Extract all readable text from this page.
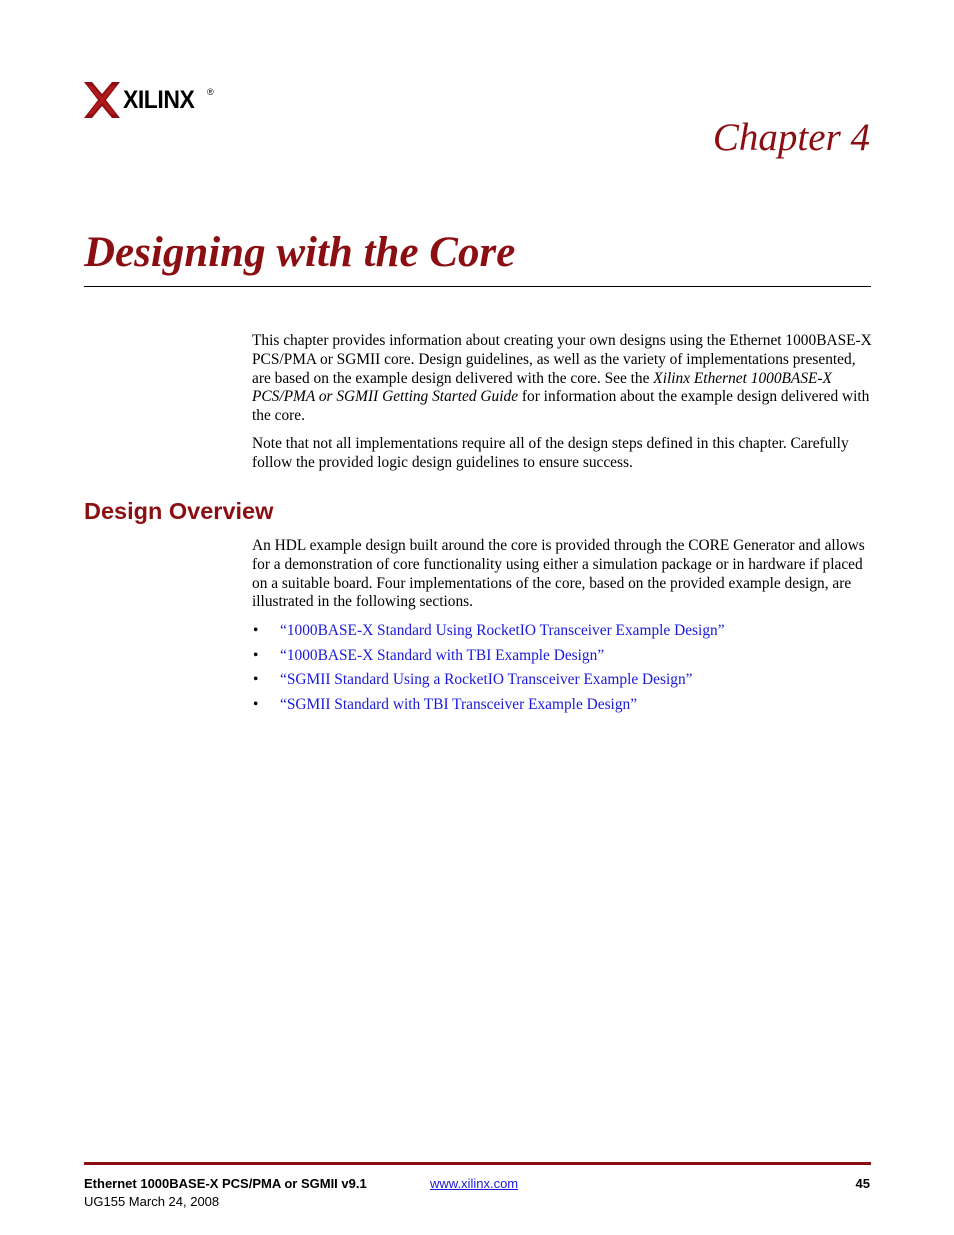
XILINX ®
Chapter 4
Designing with the Core

This chapter provides information about creating your own designs using the Ethernet 1000BASE-X PCS/PMA or SGMII core. Design guidelines, as well as the variety of implementations presented, are based on the example design delivered with the core. See the Xilinx Ethernet 1000BASE-X PCS/PMA or SGMII Getting Started Guide for information about the example design delivered with the core.

Note that not all implementations require all of the design steps defined in this chapter. Carefully follow the provided logic design guidelines to ensure success.

Design Overview

An HDL example design built around the core is provided through the CORE Generator and allows for a demonstration of core functionality using either a simulation package or in hardware if placed on a suitable board. Four implementations of the core, based on the provided example design, are illustrated in the following sections.

• “1000BASE-X Standard Using RocketIO Transceiver Example Design”
• “1000BASE-X Standard with TBI Example Design”
• “SGMII Standard Using a RocketIO Transceiver Example Design”
• “SGMII Standard with TBI Transceiver Example Design”
Ethernet 1000BASE-X PCS/PMA or SGMII v9.1
UG155 March 24, 2008
www.xilinx.com	45
